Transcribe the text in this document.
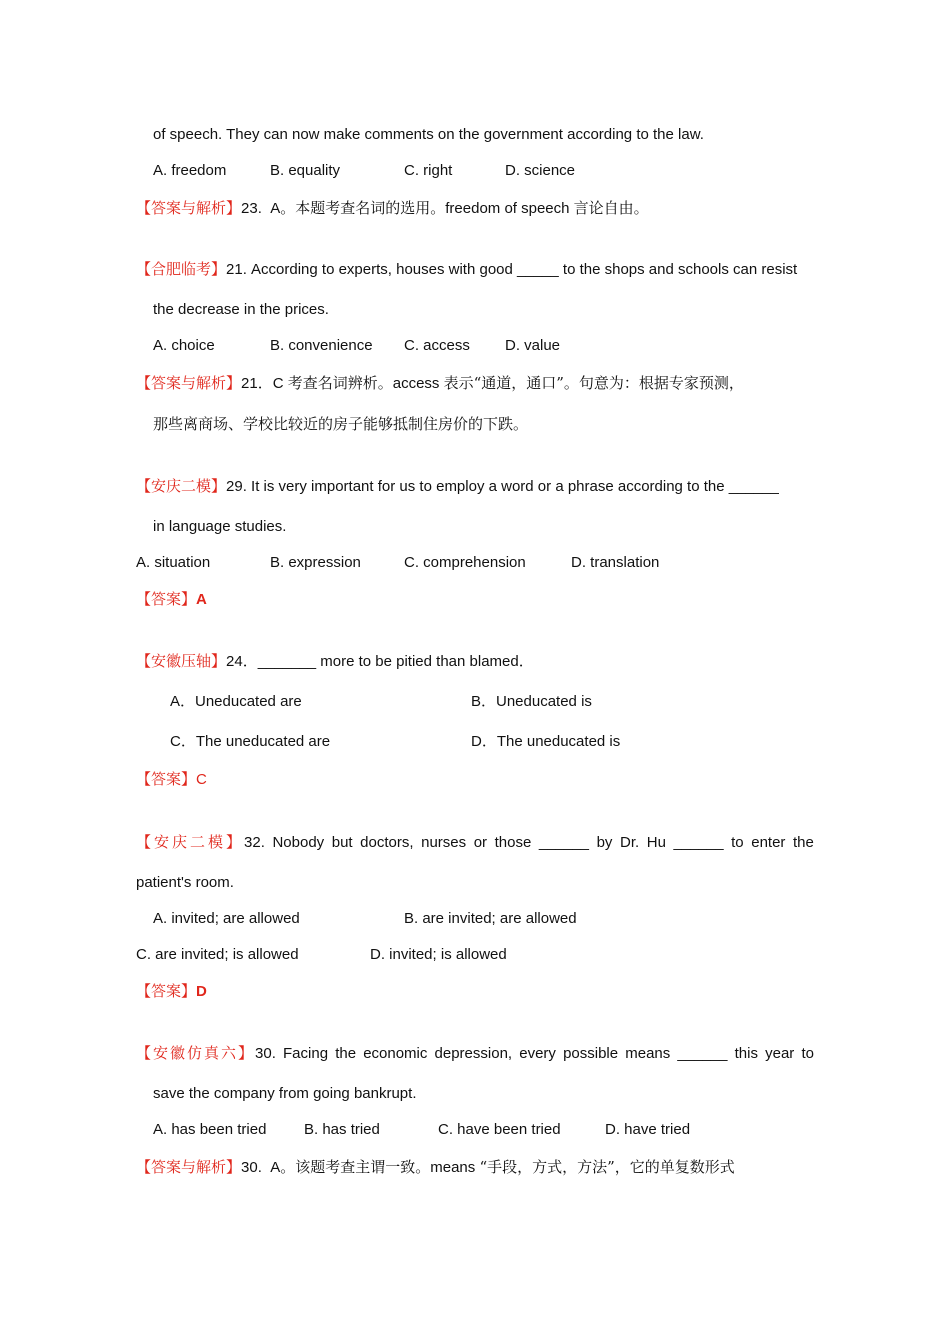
of speech. They can now make comments on the government according to the law.
A. freedom	B. equality	C. right	D. science
【答案与解析】23. A。本题考查名词的选用。freedom of speech 言论自由。
【合肥临考】21. According to experts, houses with good _____ to the shops and schools can resist
the decrease in the prices.
A. choice	B. convenience C. access D. value
【答案与解析】21．C 考查名词辨析。access 表示“通道，通口”。句意为：根据专家预测，
那些离商场、学校比较近的房子能够抵制住房价的下跌。
【安庆二模】29. It is very important for us to employ a word or a phrase according to the ______
in language studies.
A. situation	B. expression	C. comprehension	D. translation
【答案】A
【安徽压轴】24．_______ more to be pitied than blamed．
A．Uneducated are	B．Uneducated is
C．The uneducated are	D．The uneducated is
【答案】C
【安庆二模】 32. Nobody but doctors, nurses or those ______ by Dr. Hu ______ to enter the
patient's room.
A. invited; are allowed	B. are invited; are allowed
C. are invited; is allowed	D. invited; is allowed
【答案】D
【安徽仿真六】 30. Facing the economic depression, every possible means ______ this year to
save the company from going bankrupt.
A. has been tried	B. has tried	C. have been tried	D. have tried
【答案与解析】30. A。该题考查主谓一致。means “手段，方式，方法”，它的单复数形式
